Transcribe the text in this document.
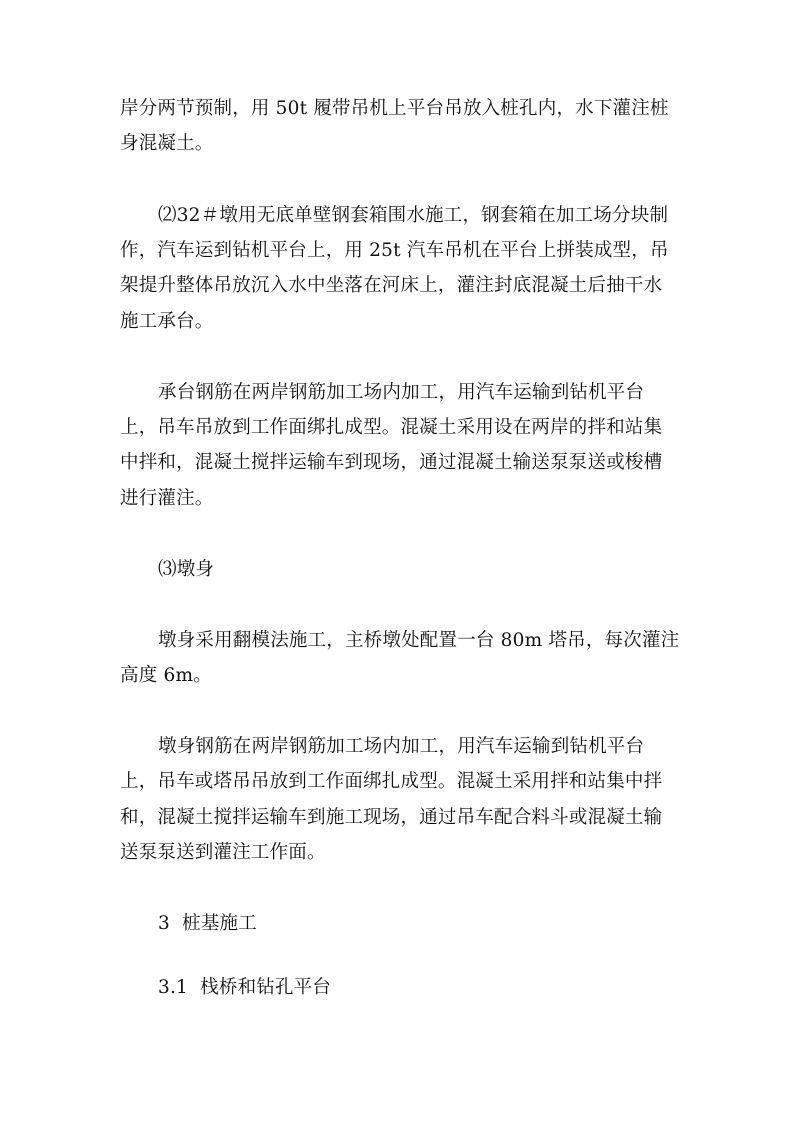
岸分两节预制，用 50t 履带吊机上平台吊放入桩孔内，水下灌注桩
身混凝土。
⑵32＃墩用无底单壁钢套箱围水施工，钢套箱在加工场分块制
作，汽车运到钻机平台上，用 25t 汽车吊机在平台上拼装成型，吊
架提升整体吊放沉入水中坐落在河床上，灌注封底混凝土后抽干水
施工承台。
承台钢筋在两岸钢筋加工场内加工，用汽车运输到钻机平台
上，吊车吊放到工作面绑扎成型。混凝土采用设在两岸的拌和站集
中拌和，混凝土搅拌运输车到现场，通过混凝土输送泵泵送或梭槽
进行灌注。
⑶墩身
墩身采用翻模法施工，主桥墩处配置一台 80m 塔吊，每次灌注
高度 6m。
墩身钢筋在两岸钢筋加工场内加工，用汽车运输到钻机平台
上，吊车或塔吊吊放到工作面绑扎成型。混凝土采用拌和站集中拌
和，混凝土搅拌运输车到施工现场，通过吊车配合料斗或混凝土输
送泵泵送到灌注工作面。
3  桩基施工
3.1  栈桥和钻孔平台
